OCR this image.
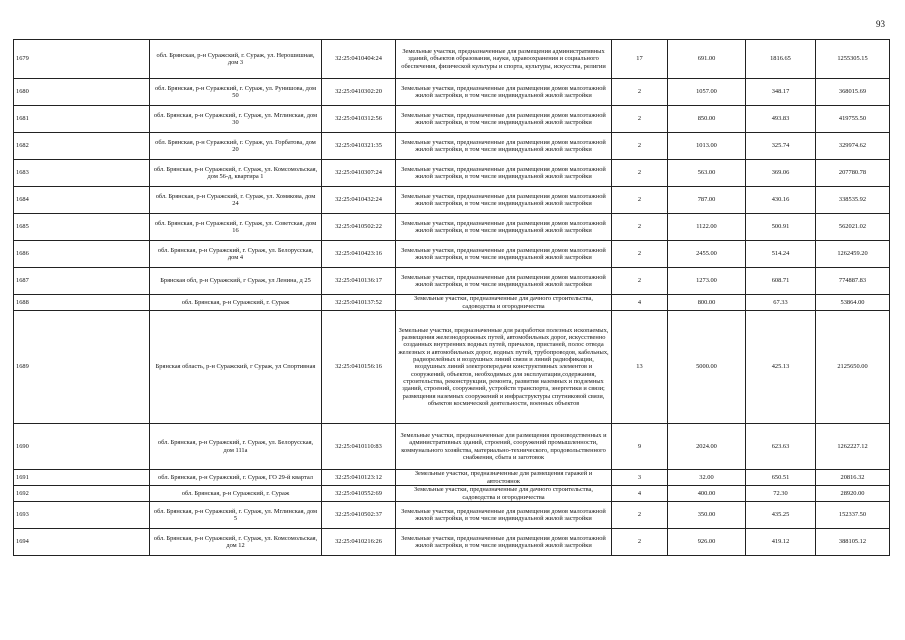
93
1679	обл. Брянская, р-н Суражский, г. Сураж, ул. Нерошишная, дом 3	32:25:0410404:24	Земельные участки, предназначенные для размещения административных зданий, объектов образования, науки, здравоохранения и социального обеспечения, физической культуры и спорта, культуры, искусства, религии	17	691.00	1816.65	1255305.15
1680	обл. Брянская, р-н Суражский, г. Сураж, ул. Рунишова, дом 50	32:25:0410302:20	Земельные участки, предназначенные для размещения домов малоэтажной жилой застройки, в том числе индивидуальной жилой застройки	2	1057.00	348.17	368015.69
1681	обл. Брянская, р-н Суражский, г. Сураж, ул. Мглинская, дом 30	32:25:0410312:56	Земельные участки, предназначенные для размещения домов малоэтажной жилой застройки, в том числе индивидуальной жилой застройки	2	850.00	493.83	419755.50
1682	обл. Брянская, р-н Суражский, г. Сураж, ул. Горбатова, дом 20	32:25:0410321:35	Земельные участки, предназначенные для размещения домов малоэтажной жилой застройки, в том числе индивидуальной жилой застройки	2	1013.00	325.74	329974.62
1683	обл. Брянская, р-н Суражский, г. Сураж, ул. Комсомольская, дом 56-д, квартира 1	32:25:0410307:24	Земельные участки, предназначенные для размещения домов малоэтажной жилой застройки, в том числе индивидуальной жилой застройки	2	563.00	369.06	207780.78
1684	обл. Брянская, р-н Суражский, г. Сураж, ул. Хомякова, дом 24	32:25:0410432:24	Земельные участки, предназначенные для размещения домов малоэтажной жилой застройки, в том числе индивидуальной жилой застройки	2	787.00	430.16	338535.92
1685	обл. Брянская, р-н Суражский, г. Сураж, ул. Советская, дом 16	32:25:0410502:22	Земельные участки, предназначенные для размещения домов малоэтажной жилой застройки, в том числе индивидуальной жилой застройки	2	1122.00	500.91	562021.02
1686	обл. Брянская, р-н Суражский, г. Сураж, ул. Белорусская, дом 4	32:25:0410423:16	Земельные участки, предназначенные для размещения домов малоэтажной жилой застройки, в том числе индивидуальной жилой застройки	2	2455.00	514.24	1262459.20
1687	Брянская обл, р-н Суражский, г Сураж, ул Ленина, д 25	32:25:0410136:17	Земельные участки, предназначенные для размещения домов малоэтажной жилой застройки, в том числе индивидуальной жилой застройки	2	1273.00	608.71	774887.83
1688	обл. Брянская, р-н Суражский, г. Сураж	32:25:0410137:52	Земельные участки, предназначенные для дачного строительства, садоводства и огородничества	4	800.00	67.33	53864.00
1689	Брянская область, р-н Суражский, г Сураж, ул Спортивная	32:25:0410156:16	Земельные участки, предназначенные для разработки полезных ископаемых, размещения железнодорожных путей, автомобильных дорог, искусственно созданных внутренних водных путей, причалов, пристаней, полос отвода железных и автомобильных дорог, водных путей, трубопроводов, кабельных, радиорелейных и воздушных линий связи и линий радиофикации, воздушных линий электропередачи конструктивных элементов и сооружений, объектов, необходимых для эксплуатации,содержания, строительства, реконструкции, ремонта, развития наземных и подземных зданий, строений, сооружений, устройств транспорта, энергетики и связи; размещения наземных сооружений и инфраструктуры спутниковой связи, объектов космической деятельности, военных объектов	13	5000.00	425.13	2125650.00
1690	обл. Брянская, р-н Суражский, г. Сураж, ул. Белорусская, дом 111а	32:25:0410110:83	Земельные участки, предназначенные для размещения производственных и административных зданий, строений, сооружений промышленности, коммунального хозяйства, материально-технического, продовольственного снабжения, сбыта и заготовок	9	2024.00	623.63	1262227.12
1691	обл. Брянская, р-н Суражский, г. Сураж, ГО 29-й квартал	32:25:0410123:12	Земельные участки, предназначенные для размещения гаражей и автостоянок	3	32.00	650.51	20816.32
1692	обл. Брянская, р-н Суражский, г. Сураж	32:25:0410552:69	Земельные участки, предназначенные для дачного строительства, садоводства и огородничества	4	400.00	72.30	28920.00
1693	обл. Брянская, р-н Суражский, г. Сураж, ул. Мглинская, дом 5	32:25:0410502:37	Земельные участки, предназначенные для размещения домов малоэтажной жилой застройки, в том числе индивидуальной жилой застройки	2	350.00	435.25	152337.50
1694	обл. Брянская, р-н Суражский, г. Сураж, ул. Комсомольская, дом 12	32:25:0410216:26	Земельные участки, предназначенные для размещения домов малоэтажной жилой застройки, в том числе индивидуальной жилой застройки	2	926.00	419.12	388105.12
